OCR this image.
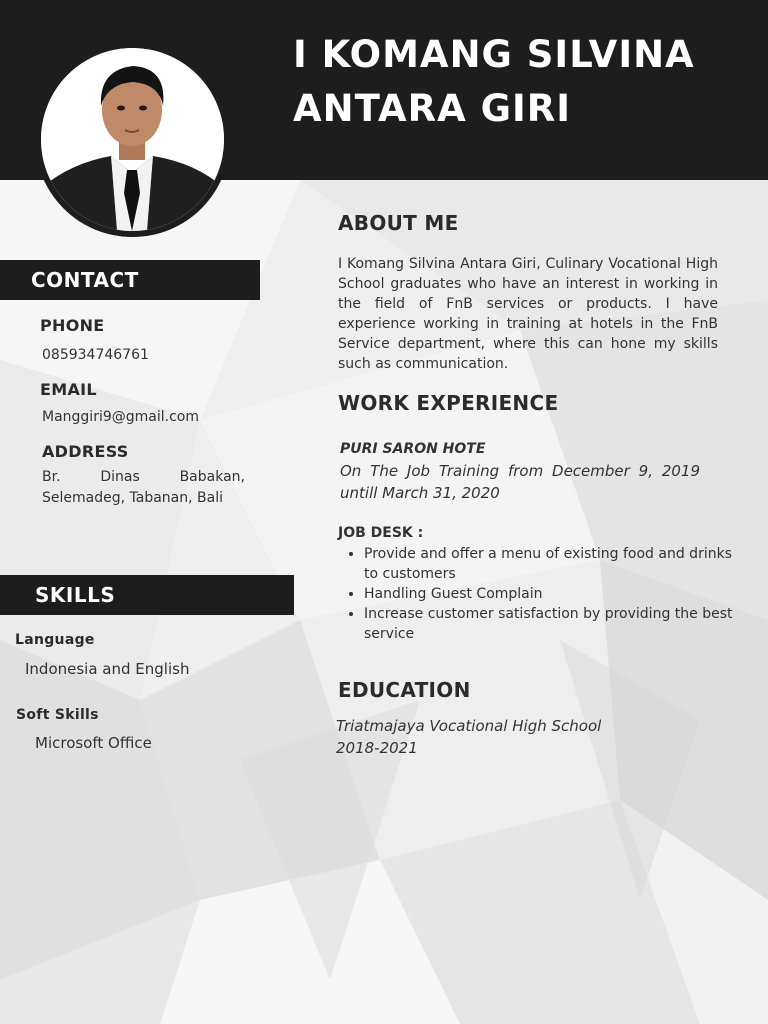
I KOMANG SILVINA
ANTARA GIRI
CONTACT
PHONE
085934746761
EMAIL
Manggiri9@gmail.com
ADDRESS
Br. Dinas Babakan,
Selemadeg, Tabanan, Bali
SKILLS
Language
Indonesia and English
Soft Skills
Microsoft Office
ABOUT ME
I Komang Silvina Antara Giri, Culinary Vocational High School graduates who have an interest in working in the field of FnB services or products. I have experience working in training at hotels in the FnB Service department, where this can hone my skills such as communication.
WORK EXPERIENCE
PURI SARON HOTE
On The Job Training from December 9, 2019
untill March 31, 2020
JOB DESK :
• Provide and offer a menu of existing food and drinks to customers
• Handling Guest Complain
• Increase customer satisfaction by providing the best service
EDUCATION
Triatmajaya Vocational High School
2018-2021
